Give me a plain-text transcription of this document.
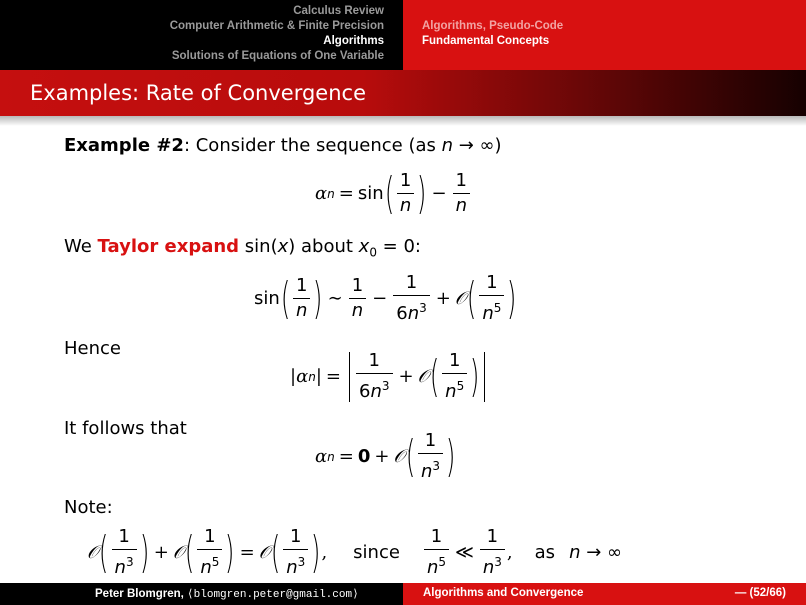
Calculus Review
Computer Arithmetic & Finite Precision
Algorithms
Solutions of Equations of One Variable
Algorithms, Pseudo-Code
Fundamental Concepts
Examples: Rate of Convergence
Example #2: Consider the sequence (as n → ∞)
α n = sin ( $\frac{1}{n}$ ) − $\frac{1}{n}$
We Taylor expand sin(x) about $x_0 = 0$:
sin ( $\frac{1}{n}$ ) ∼ $\frac{1}{n} - \frac{1}{6n^3}$ + 𝒪 ( $\frac{1}{n^5}$ )
Hence
| α n | = $\frac{1}{6n^3}$ + 𝒪 ( $\frac{1}{n^5}$ )
It follows that
α n = 0 + 𝒪 ( $\frac{1}{n^3}$ )
Note:
𝒪 ( $\frac{1}{n^3}$ ) + 𝒪 ( $\frac{1}{n^5}$ ) = 𝒪 ( $\frac{1}{n^3}$ ) , since $\frac{1}{n^5}$ ≪ $\frac{1}{n^3}$ , as n → ∞
Peter Blomgren, ⟨blomgren.peter@gmail.com⟩	Algorithms and Convergence	— (52/66)
